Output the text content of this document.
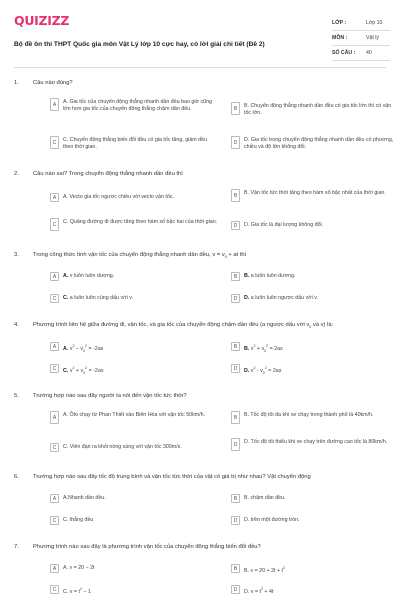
QUIZIZZ
Bộ đề ôn thi THPT Quốc gia môn Vật Lý lớp 10 cực hay, có lời giải chi tiết (Đề 2)
LỚP :	Lớp 10
MÔN :	Vật lý
SỐ CÂU : 40
1. Câu nào đúng?
A	A. Gia tốc của chuyển động thẳng nhanh dần đều bao giờ cũng lớn hơn gia tốc của chuyển động thẳng chậm dần đều.	B	B. Chuyển động thẳng nhanh dần đều có gia tốc lớn thì có vận tốc lớn.
C	C. Chuyển động thẳng biến đổi đều có gia tốc tăng, giảm đều theo thời gian.
D	D. Gia tốc trong chuyển động thẳng nhanh dần đều có phương, chiều và độ lớn không đổi.
2. Câu nào sai? Trong chuyển động thẳng nhanh dần đều thì
A	A. Vecto gia tốc ngược chiều với vecto vận tốc.	B	B. Vận tốc tức thời tăng theo hàm số bậc nhất của thời gian.
C	C. Quãng đường đi được tăng theo hàm số bậc hai của thời gian.
D	D. Gia tốc là đại lượng không đổi.
3. Trong công thức tính vận tốc của chuyển động thẳng nhanh dần đều, $v = v_0$ + at thì
A	A. v luôn luôn dương.	B	B. a luôn luôn dương.
C	C. a luôn luôn cùng dấu với v.	D	D. a luôn luôn ngược dấu với v.
4. Phương trình liên hệ giữa đường đi, vận tốc, và gia tốc của chuyển động chậm dần đều (a ngược dấu với $v_0$ và v) là:
A	A. $v^2 - v_0^2 = -2as$	B	B. $v^2 + v_0^2 = 2as$
C	C. $v^2 + v_0^2 = -2as$	D	D. $v^2 - v_0^2 = 2as$
5. Trường hợp nào sau đây người ta nói đến vận tốc tức thời?
A	A. Ôto chạy từ Phan Thiết vào Biên Hòa với vận tốc 50km/h.	B	B. Tốc độ tối đa khi xe chạy trong thành phố là 40km/h.
C	C. Viên đạn ra khỏi nòng súng với vận tốc 300m/s.	D	D. Tốc độ tối thiểu khi xe chạy trên đường cao tốc là 80km/h.
6. Trường hợp nào sau đây tốc độ trung bình và vận tốc tức thời của vật có giá trị như nhau? Vật chuyển động
A	A.Nhanh dần đều.	B	B. chậm dần đều.
C	C. thẳng đều	D	D. trên một đường tròn.
7. Phương trình nào sau đây là phương trình vận tốc của chuyển động thẳng biến đổi đều?
A	A. v = 20 − 2t	B	B. $v = 20 + 2t + t^2$
C	C. $v = t^2 - 1$	D	D. $v = t^2 + 4t$
